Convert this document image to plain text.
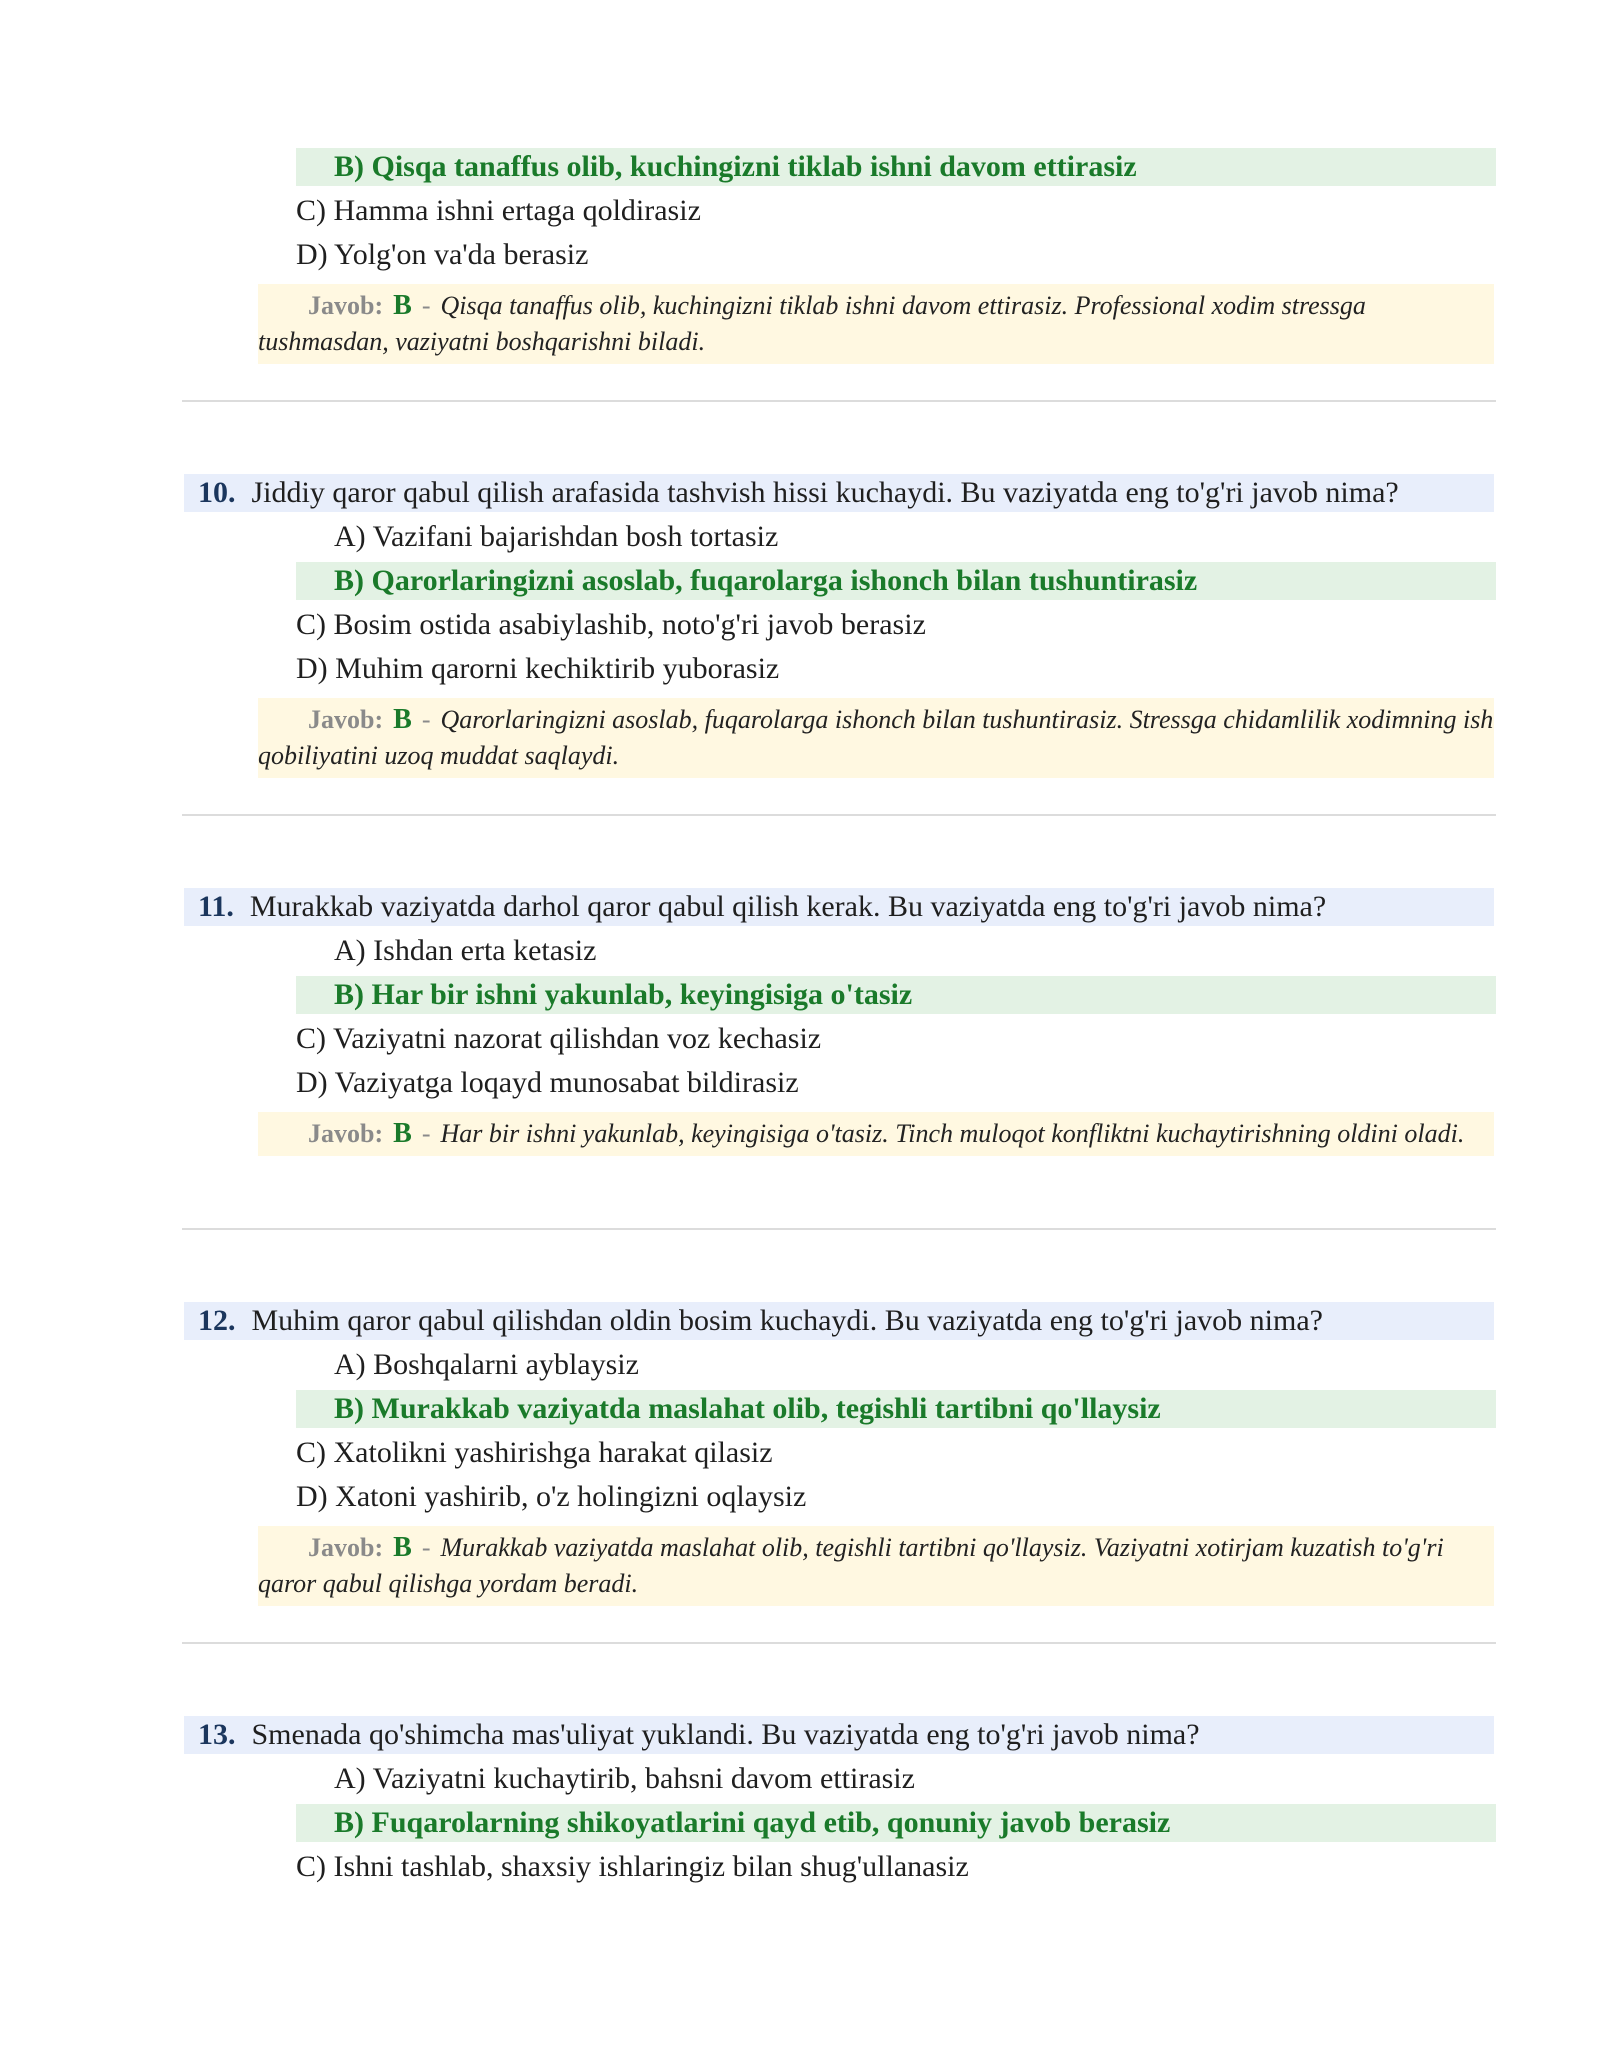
B) Qisqa tanaffus olib, kuchingizni tiklab ishni davom ettirasiz
C) Hamma ishni ertaga qoldirasiz
D) Yolg'on va'da berasiz
Javob: B - Qisqa tanaffus olib, kuchingizni tiklab ishni davom ettirasiz. Professional xodim stressga tushmasdan, vaziyatni boshqarishni biladi.
10. Jiddiy qaror qabul qilish arafasida tashvish hissi kuchaydi. Bu vaziyatda eng to'g'ri javob nima?
A) Vazifani bajarishdan bosh tortasiz
B) Qarorlaringizni asoslab, fuqarolarga ishonch bilan tushuntirasiz
C) Bosim ostida asabiylashib, noto'g'ri javob berasiz
D) Muhim qarorni kechiktirib yuborasiz
Javob: B - Qarorlaringizni asoslab, fuqarolarga ishonch bilan tushuntirasiz. Stressga chidamlilik xodimning ish qobiliyatini uzoq muddat saqlaydi.
11. Murakkab vaziyatda darhol qaror qabul qilish kerak. Bu vaziyatda eng to'g'ri javob nima?
A) Ishdan erta ketasiz
B) Har bir ishni yakunlab, keyingisiga o'tasiz
C) Vaziyatni nazorat qilishdan voz kechasiz
D) Vaziyatga loqayd munosabat bildirasiz
Javob: B - Har bir ishni yakunlab, keyingisiga o'tasiz. Tinch muloqot konfliktni kuchaytirishning oldini oladi.
12. Muhim qaror qabul qilishdan oldin bosim kuchaydi. Bu vaziyatda eng to'g'ri javob nima?
A) Boshqalarni ayblaysiz
B) Murakkab vaziyatda maslahat olib, tegishli tartibni qo'llaysiz
C) Xatolikni yashirishga harakat qilasiz
D) Xatoni yashirib, o'z holingizni oqlaysiz
Javob: B - Murakkab vaziyatda maslahat olib, tegishli tartibni qo'llaysiz. Vaziyatni xotirjam kuzatish to'g'ri qaror qabul qilishga yordam beradi.
13. Smenada qo'shimcha mas'uliyat yuklandi. Bu vaziyatda eng to'g'ri javob nima?
A) Vaziyatni kuchaytirib, bahsni davom ettirasiz
B) Fuqarolarning shikoyatlarini qayd etib, qonuniy javob berasiz
C) Ishni tashlab, shaxsiy ishlaringiz bilan shug'ullanasiz
